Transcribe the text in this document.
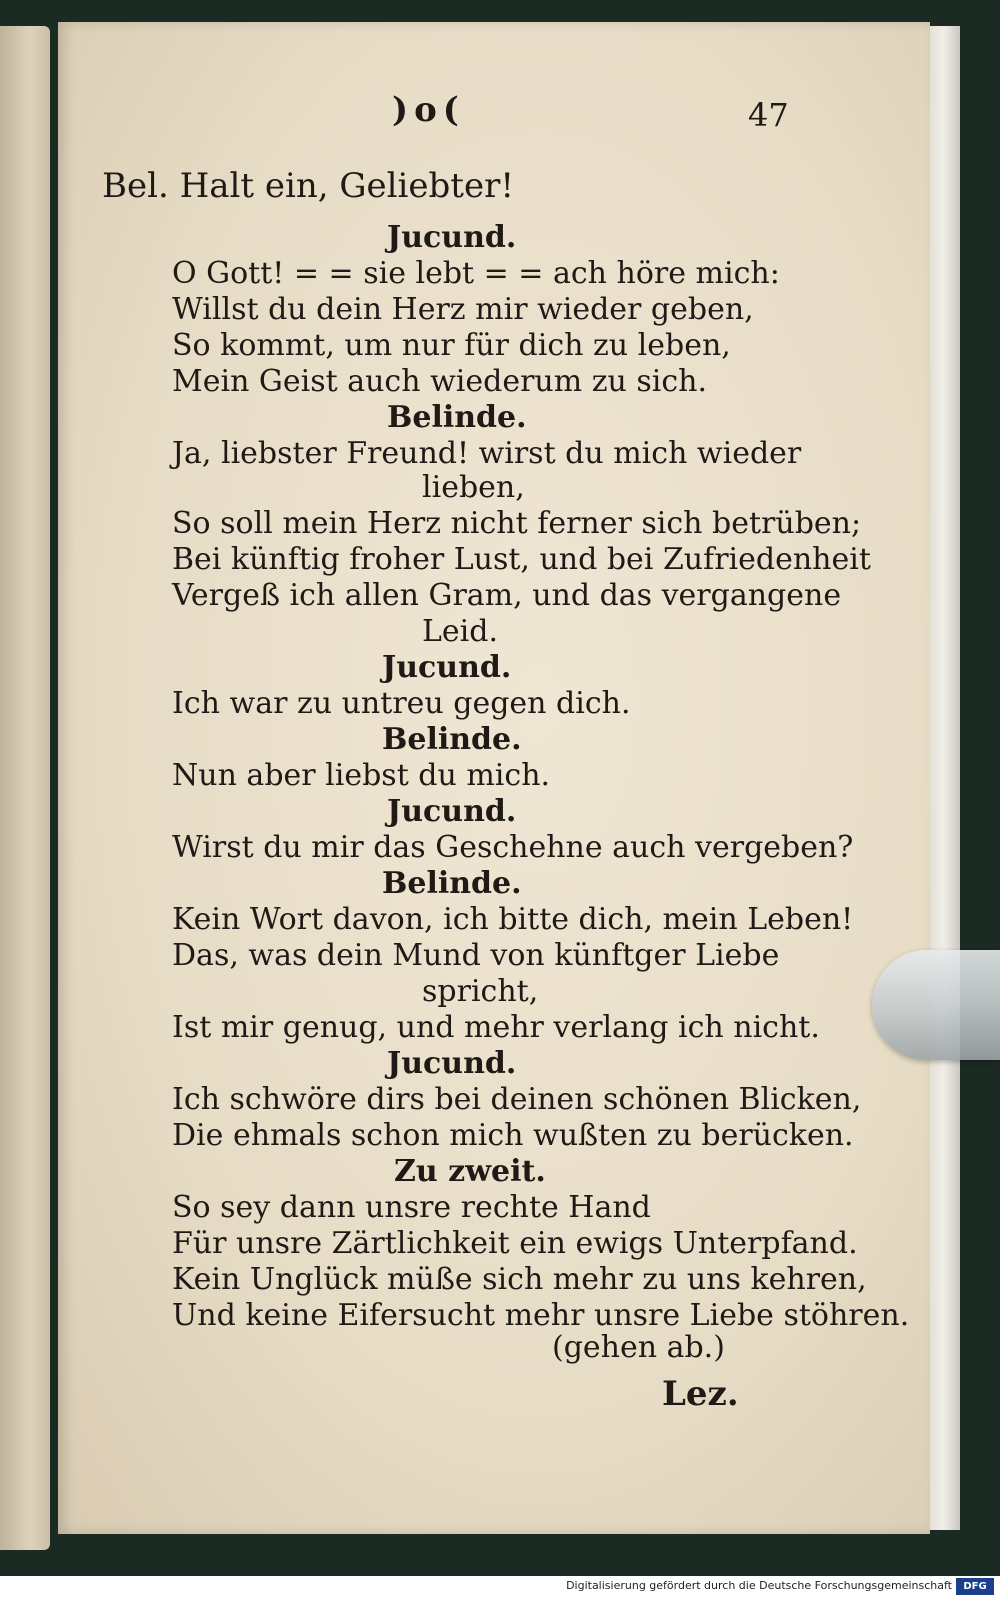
)o(	47
Bel. Halt ein, Geliebter!
Jucund.
O Gott! = = sie lebt = = ach höre mich:
Willst du dein Herz mir wieder geben,
So kommt, um nur für dich zu leben,
Mein Geist auch wiederum zu sich.
Belinde.
Ja, liebster Freund! wirst du mich wieder
lieben,
So soll mein Herz nicht ferner sich betrüben;
Bei künftig froher Lust, und bei Zufriedenheit
Vergeß ich allen Gram, und das vergangene
Leid.
Jucund.
Ich war zu untreu gegen dich.
Belinde.
Nun aber liebst du mich.
Jucund.
Wirst du mir das Geschehne auch vergeben?
Belinde.
Kein Wort davon, ich bitte dich, mein Leben!
Das, was dein Mund von künftger Liebe
spricht,
Ist mir genug, und mehr verlang ich nicht.
Jucund.
Ich schwöre dirs bei deinen schönen Blicken,
Die ehmals schon mich wußten zu berücken.
Zu zweit.
So sey dann unsre rechte Hand
Für unsre Zärtlichkeit ein ewigs Unterpfand.
Kein Unglück müße sich mehr zu uns kehren,
Und keine Eifersucht mehr unsre Liebe stöhren.
(gehen ab.)
Lez.
Digitalisierung gefördert durch die Deutsche Forschungsgemeinschaft	DFG
